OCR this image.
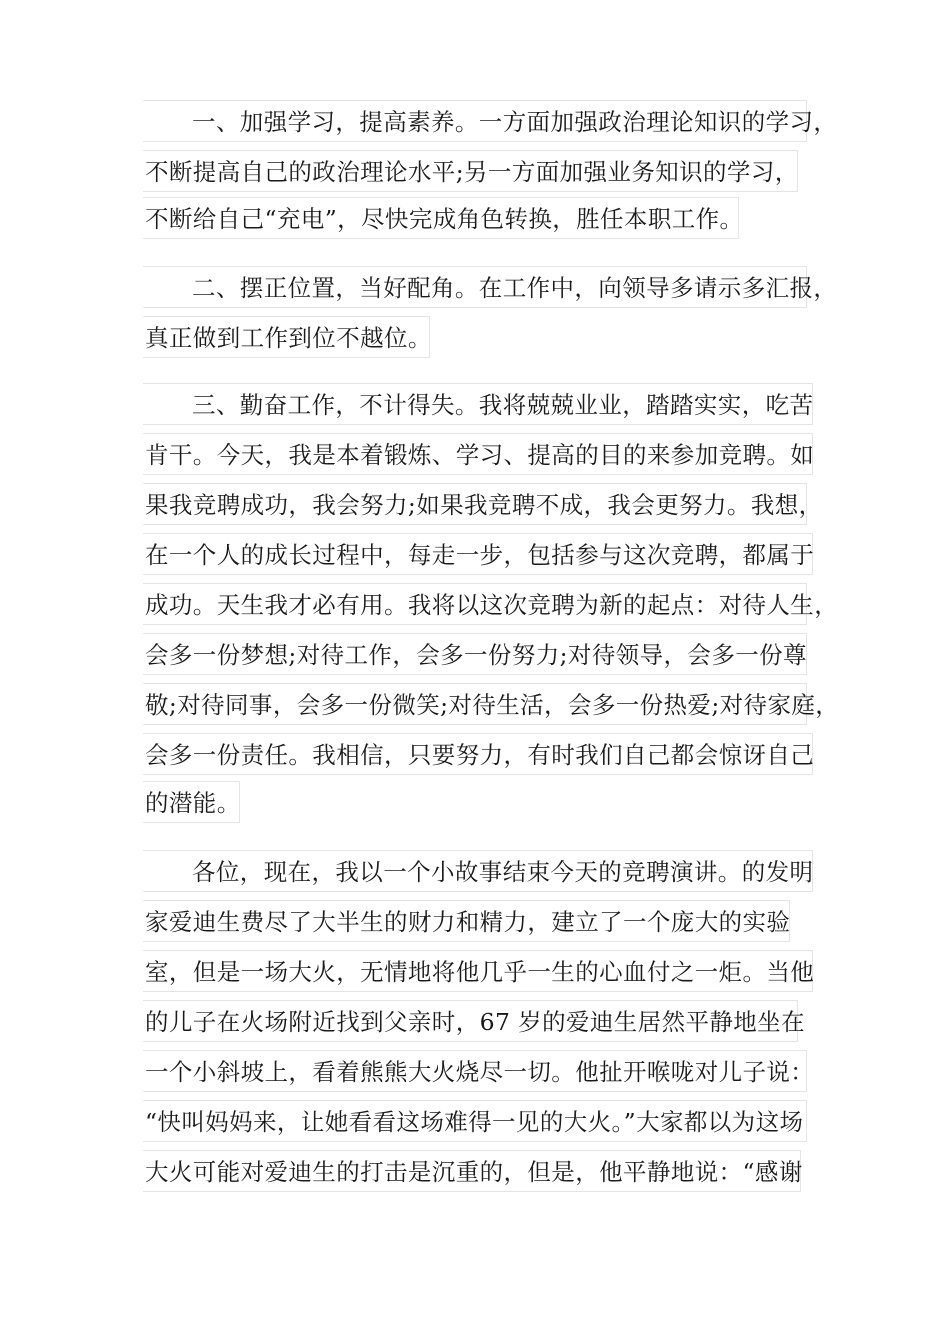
一、加强学习，提高素养。一方面加强政治理论知识的学习，
不断提高自己的政治理论水平;另一方面加强业务知识的学习，
不断给自己“充电”，尽快完成角色转换，胜任本职工作。
二、摆正位置，当好配角。在工作中，向领导多请示多汇报，
真正做到工作到位不越位。
三、勤奋工作，不计得失。我将兢兢业业，踏踏实实，吃苦
肯干。今天，我是本着锻炼、学习、提高的目的来参加竞聘。如
果我竞聘成功，我会努力;如果我竞聘不成，我会更努力。我想，
在一个人的成长过程中，每走一步，包括参与这次竞聘，都属于
成功。天生我才必有用。我将以这次竞聘为新的起点：对待人生，
会多一份梦想;对待工作，会多一份努力;对待领导，会多一份尊
敬;对待同事，会多一份微笑;对待生活，会多一份热爱;对待家庭，
会多一份责任。我相信，只要努力，有时我们自己都会惊讶自己
的潜能。
各位，现在，我以一个小故事结束今天的竞聘演讲。的发明
家爱迪生费尽了大半生的财力和精力，建立了一个庞大的实验
室，但是一场大火，无情地将他几乎一生的心血付之一炬。当他
的儿子在火场附近找到父亲时，67 岁的爱迪生居然平静地坐在
一个小斜坡上，看着熊熊大火烧尽一切。他扯开喉咙对儿子说：
“快叫妈妈来，让她看看这场难得一见的大火。”大家都以为这场
大火可能对爱迪生的打击是沉重的，但是，他平静地说：“感谢
